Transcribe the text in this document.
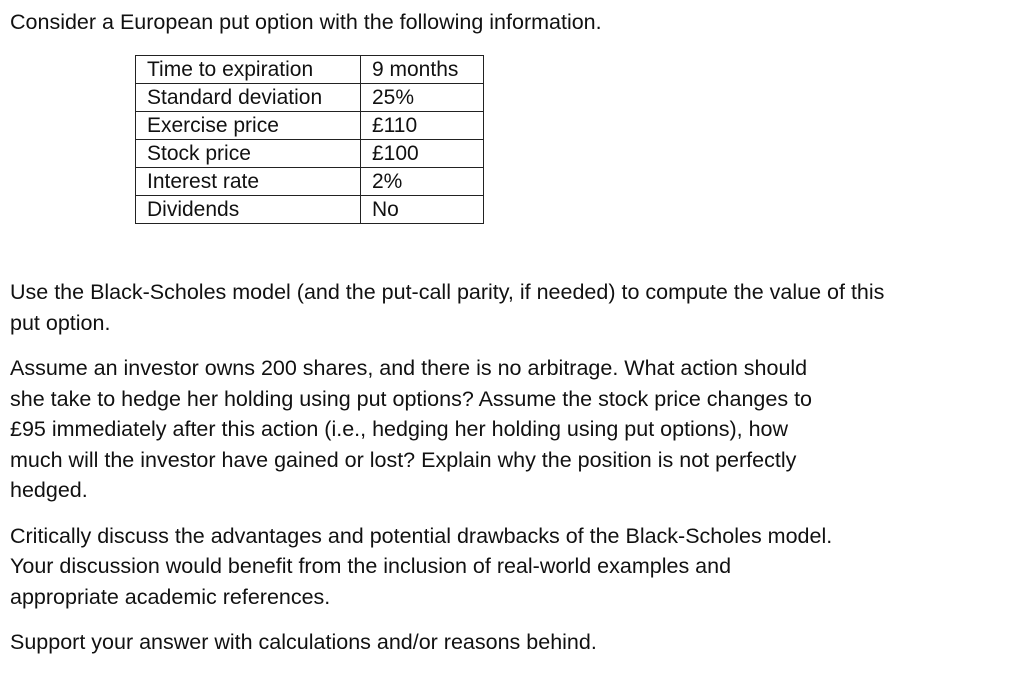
Consider a European put option with the following information.

Time to expiration	9 months
Standard deviation	25%
Exercise price	£110
Stock price	£100
Interest rate	2%
Dividends	No

Use the Black-Scholes model (and the put-call parity, if needed) to compute the value of this
put option.

Assume an investor owns 200 shares, and there is no arbitrage. What action should
she take to hedge her holding using put options? Assume the stock price changes to
£95 immediately after this action (i.e., hedging her holding using put options), how
much will the investor have gained or lost? Explain why the position is not perfectly
hedged.

Critically discuss the advantages and potential drawbacks of the Black-Scholes model.
Your discussion would benefit from the inclusion of real-world examples and
appropriate academic references.

Support your answer with calculations and/or reasons behind.
